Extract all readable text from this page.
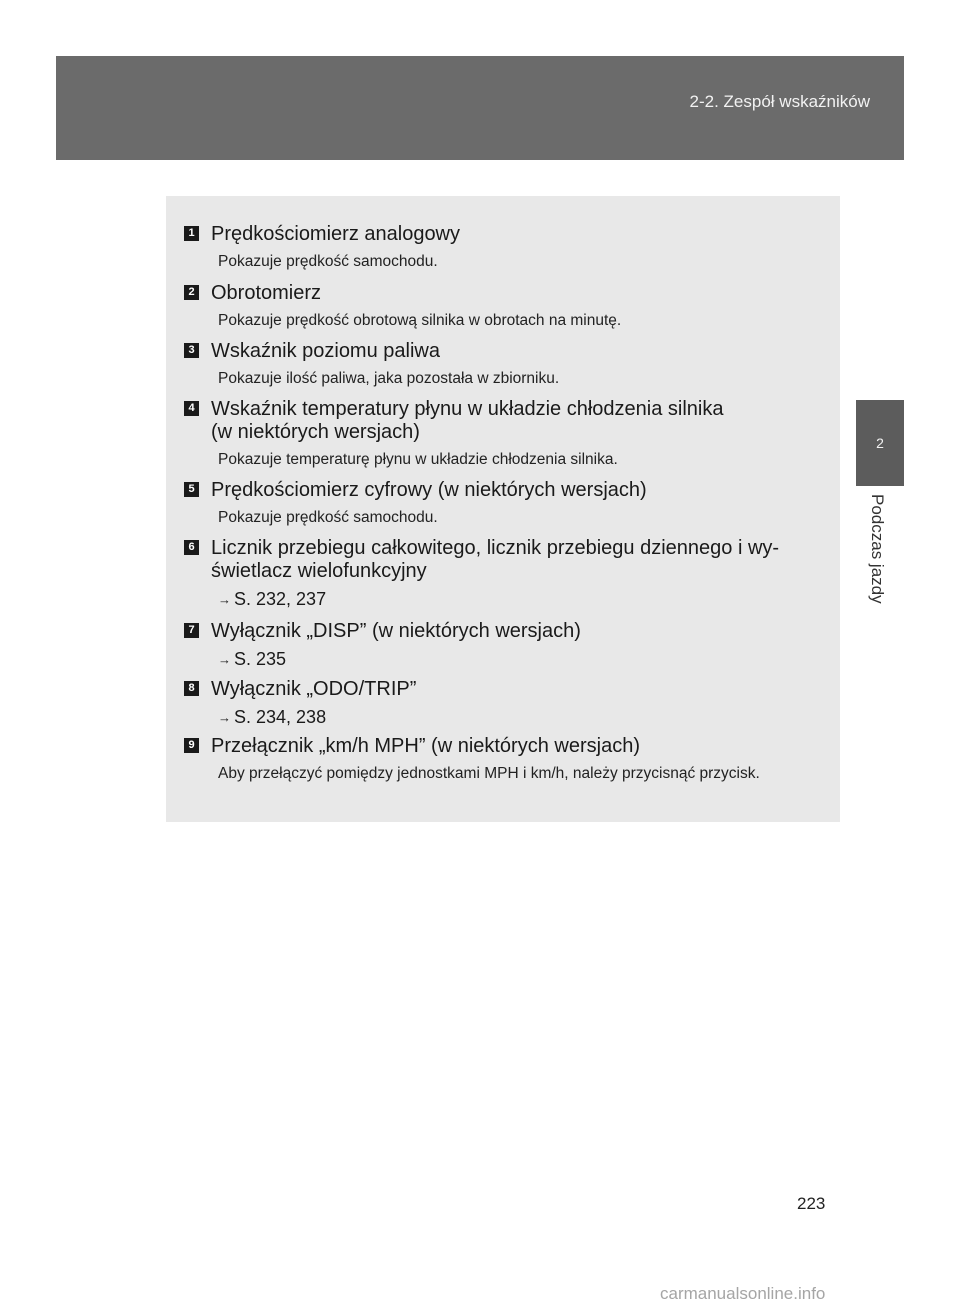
2-2. Zespół wskaźników
2
Podczas jazdy
1 Prędkościomierz analogowy
Pokazuje prędkość samochodu.
2 Obrotomierz
Pokazuje prędkość obrotową silnika w obrotach na minutę.
3 Wskaźnik poziomu paliwa
Pokazuje ilość paliwa, jaka pozostała w zbiorniku.
4 Wskaźnik temperatury płynu w układzie chłodzenia silnika
(w niektórych wersjach)
Pokazuje temperaturę płynu w układzie chłodzenia silnika.
5 Prędkościomierz cyfrowy (w niektórych wersjach)
Pokazuje prędkość samochodu.
6 Licznik przebiegu całkowitego, licznik przebiegu dziennego i wy-
świetlacz wielofunkcyjny
→ S. 232, 237
7 Wyłącznik „DISP” (w niektórych wersjach)
→ S. 235
8 Wyłącznik „ODO/TRIP”
→ S. 234, 238
9 Przełącznik „km/h MPH” (w niektórych wersjach)
Aby przełączyć pomiędzy jednostkami MPH i km/h, należy przycisnąć przycisk.
223
carmanualsonline.info
